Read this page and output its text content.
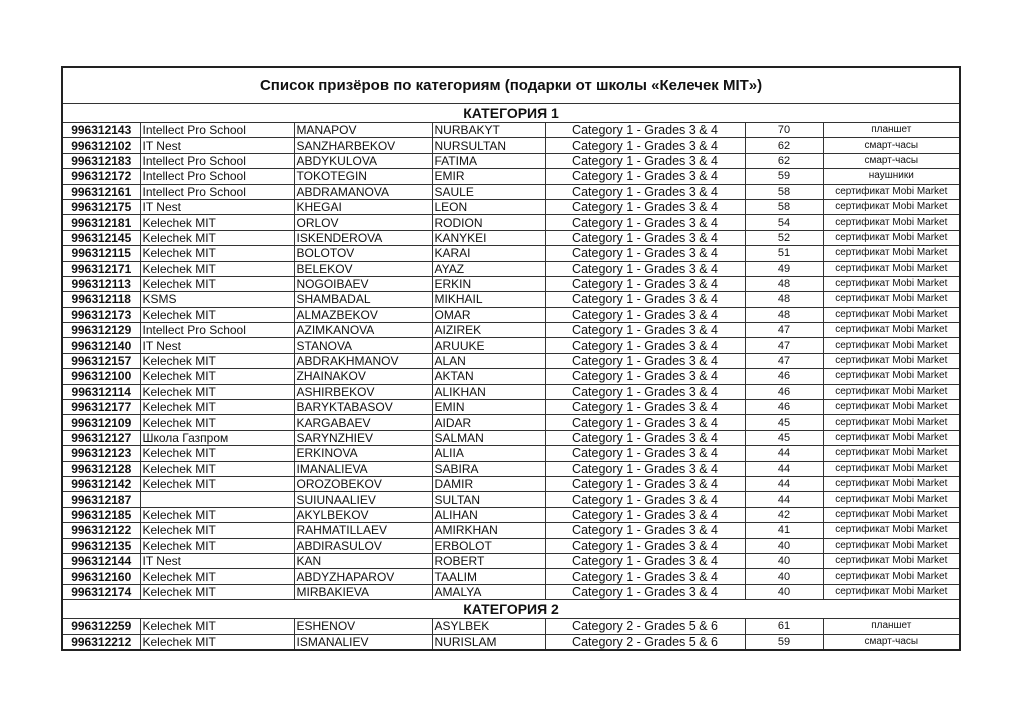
Список призёров по категориям (подарки от школы «Келечек MIT»)						
КАТЕГОРИЯ 1						
996312143	Intellect Pro School	MANAPOV	NURBAKYT	Category 1 - Grades 3 & 4	70	планшет
996312102	IT Nest	SANZHARBEKOV	NURSULTAN	Category 1 - Grades 3 & 4	62	смарт-часы
996312183	Intellect Pro School	ABDYKULOVA	FATIMA	Category 1 - Grades 3 & 4	62	смарт-часы
996312172	Intellect Pro School	TOKOTEGIN	EMIR	Category 1 - Grades 3 & 4	59	наушники
996312161	Intellect Pro School	ABDRAMANOVA	SAULE	Category 1 - Grades 3 & 4	58	сертификат Mobi Market
996312175	IT Nest	KHEGAI	LEON	Category 1 - Grades 3 & 4	58	сертификат Mobi Market
996312181	Kelechek MIT	ORLOV	RODION	Category 1 - Grades 3 & 4	54	сертификат Mobi Market
996312145	Kelechek MIT	ISKENDEROVA	KANYKEI	Category 1 - Grades 3 & 4	52	сертификат Mobi Market
996312115	Kelechek MIT	BOLOTOV	KARAI	Category 1 - Grades 3 & 4	51	сертификат Mobi Market
996312171	Kelechek MIT	BELEKOV	AYAZ	Category 1 - Grades 3 & 4	49	сертификат Mobi Market
996312113	Kelechek MIT	NOGOIBAEV	ERKIN	Category 1 - Grades 3 & 4	48	сертификат Mobi Market
996312118	KSMS	SHAMBADAL	MIKHAIL	Category 1 - Grades 3 & 4	48	сертификат Mobi Market
996312173	Kelechek MIT	ALMAZBEKOV	OMAR	Category 1 - Grades 3 & 4	48	сертификат Mobi Market
996312129	Intellect Pro School	AZIMKANOVA	AIZIREK	Category 1 - Grades 3 & 4	47	сертификат Mobi Market
996312140	IT Nest	STANOVA	ARUUKE	Category 1 - Grades 3 & 4	47	сертификат Mobi Market
996312157	Kelechek MIT	ABDRAKHMANOV	ALAN	Category 1 - Grades 3 & 4	47	сертификат Mobi Market
996312100	Kelechek MIT	ZHAINAKOV	AKTAN	Category 1 - Grades 3 & 4	46	сертификат Mobi Market
996312114	Kelechek MIT	ASHIRBEKOV	ALIKHAN	Category 1 - Grades 3 & 4	46	сертификат Mobi Market
996312177	Kelechek MIT	BARYKTABASOV	EMIN	Category 1 - Grades 3 & 4	46	сертификат Mobi Market
996312109	Kelechek MIT	KARGABAEV	AIDAR	Category 1 - Grades 3 & 4	45	сертификат Mobi Market
996312127	Школа Газпром	SARYNZHIEV	SALMAN	Category 1 - Grades 3 & 4	45	сертификат Mobi Market
996312123	Kelechek MIT	ERKINOVA	ALIIA	Category 1 - Grades 3 & 4	44	сертификат Mobi Market
996312128	Kelechek MIT	IMANALIEVA	SABIRA	Category 1 - Grades 3 & 4	44	сертификат Mobi Market
996312142	Kelechek MIT	OROZOBEKOV	DAMIR	Category 1 - Grades 3 & 4	44	сертификат Mobi Market
996312187		SUIUNAALIEV	SULTAN	Category 1 - Grades 3 & 4	44	сертификат Mobi Market
996312185	Kelechek MIT	AKYLBEKOV	ALIHAN	Category 1 - Grades 3 & 4	42	сертификат Mobi Market
996312122	Kelechek MIT	RAHMATILLAEV	AMIRKHAN	Category 1 - Grades 3 & 4	41	сертификат Mobi Market
996312135	Kelechek MIT	ABDIRASULOV	ERBOLOT	Category 1 - Grades 3 & 4	40	сертификат Mobi Market
996312144	IT Nest	KAN	ROBERT	Category 1 - Grades 3 & 4	40	сертификат Mobi Market
996312160	Kelechek MIT	ABDYZHAPAROV	TAALIM	Category 1 - Grades 3 & 4	40	сертификат Mobi Market
996312174	Kelechek MIT	MIRBAKIEVA	AMALYA	Category 1 - Grades 3 & 4	40	сертификат Mobi Market
КАТЕГОРИЯ 2						
996312259	Kelechek MIT	ESHENOV	ASYLBEK	Category 2 - Grades 5 & 6	61	планшет
996312212	Kelechek MIT	ISMANALIEV	NURISLAM	Category 2 - Grades 5 & 6	59	смарт-часы
